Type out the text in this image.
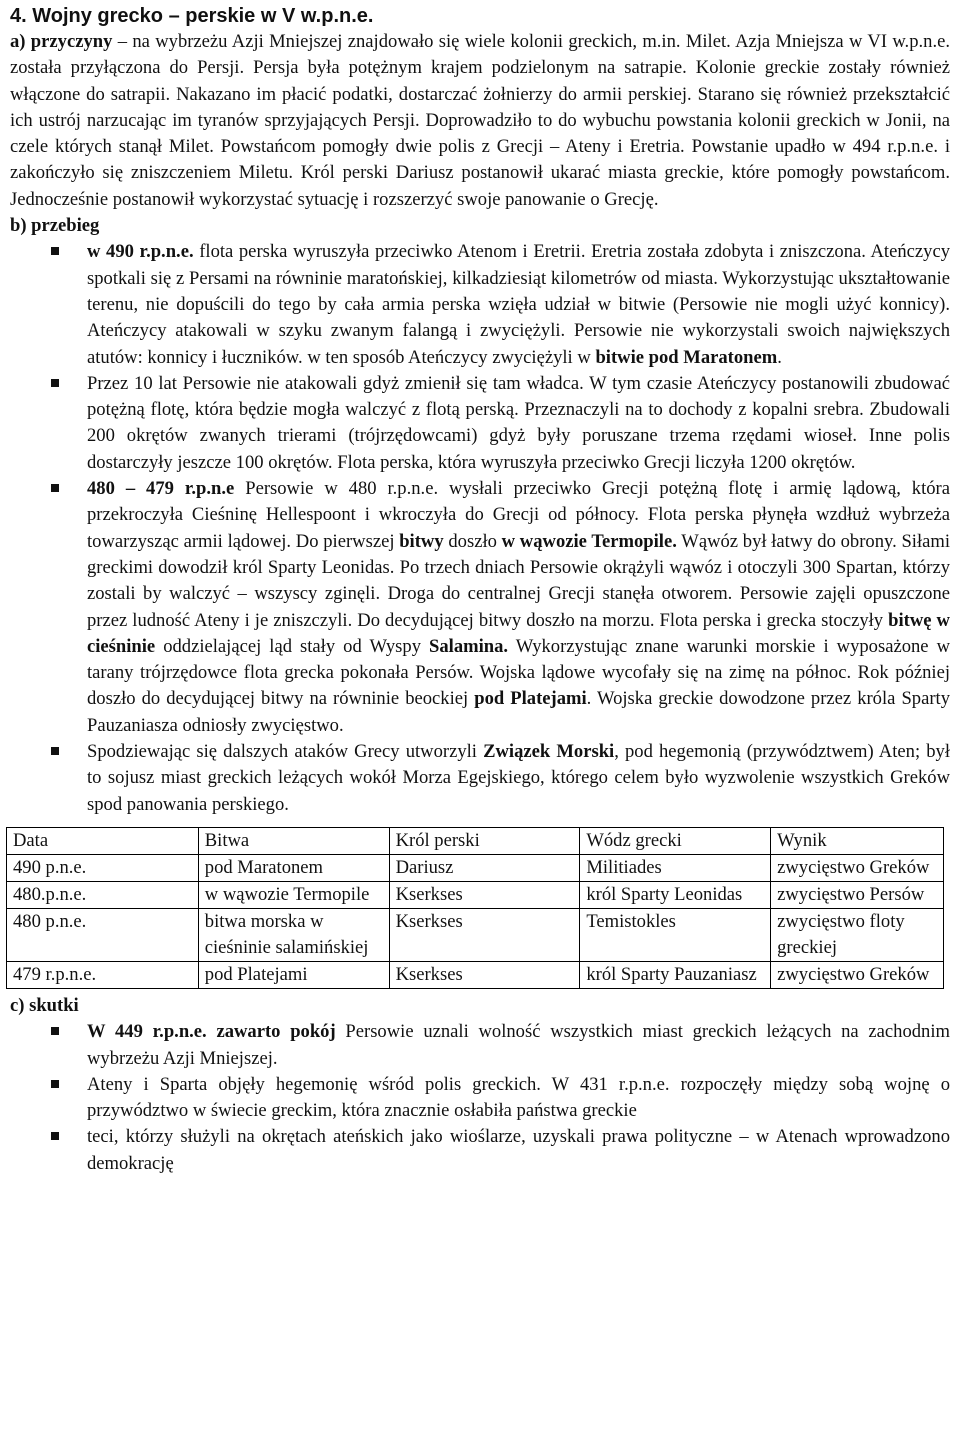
4. Wojny grecko – perskie w V w.p.n.e.

a) przyczyny – na wybrzeżu Azji Mniejszej znajdowało się wiele kolonii greckich, m.in. Milet. Azja Mniejsza w VI w.p.n.e. została przyłączona do Persji. Persja była potężnym krajem podzielonym na satrapie. Kolonie greckie zostały również włączone do satrapii. Nakazano im płacić podatki, dostarczać żołnierzy do armii perskiej. Starano się również przekształcić ich ustrój narzucając im tyranów sprzyjających Persji. Doprowadziło to do wybuchu powstania kolonii greckich w Jonii, na czele których stanął Milet. Powstańcom pomogły dwie polis z Grecji – Ateny i Eretria. Powstanie upadło w 494 r.p.n.e. i zakończyło się zniszczeniem Miletu. Król perski Dariusz postanowił ukarać miasta greckie, które pomogły powstańcom. Jednocześnie postanowił wykorzystać sytuację i rozszerzyć swoje panowanie o Grecję.

b) przebieg

w 490 r.p.n.e. flota perska wyruszyła przeciwko Atenom i Eretrii. Eretria została zdobyta i zniszczona. Ateńczycy spotkali się z Persami na równinie maratońskiej, kilkadziesiąt kilometrów od miasta. Wykorzystując ukształtowanie terenu, nie dopuścili do tego by cała armia perska wzięła udział w bitwie (Persowie nie mogli użyć konnicy). Ateńczycy atakowali w szyku zwanym falangą i zwyciężyli. Persowie nie wykorzystali swoich największych atutów: konnicy i łuczników. w ten sposób Ateńczycy zwyciężyli w bitwie pod Maratonem.

Przez 10 lat Persowie nie atakowali gdyż zmienił się tam władca. W tym czasie Ateńczycy postanowili zbudować potężną flotę, która będzie mogła walczyć z flotą perską. Przeznaczyli na to dochody z kopalni srebra. Zbudowali 200 okrętów zwanych trierami (trójrzędowcami) gdyż były poruszane trzema rzędami wioseł. Inne polis dostarczyły jeszcze 100 okrętów. Flota perska, która wyruszyła przeciwko Grecji liczyła 1200 okrętów.

480 – 479 r.p.n.e Persowie w 480 r.p.n.e. wysłali przeciwko Grecji potężną flotę i armię lądową, która przekroczyła Cieśninę Hellespoont i wkroczyła do Grecji od północy. Flota perska płynęła wzdłuż wybrzeża towarzysząc armii lądowej. Do pierwszej bitwy doszło w wąwozie Termopile. Wąwóz był łatwy do obrony. Siłami greckimi dowodził król Sparty Leonidas. Po trzech dniach Persowie okrążyli wąwóz i otoczyli 300 Spartan, którzy zostali by walczyć – wszyscy zginęli. Droga do centralnej Grecji stanęła otworem. Persowie zajęli opuszczone przez ludność Ateny i je zniszczyli. Do decydującej bitwy doszło na morzu. Flota perska i grecka stoczyły bitwę w cieśninie oddzielającej ląd stały od Wyspy Salamina. Wykorzystując znane warunki morskie i wyposażone w tarany trójrzędowce flota grecka pokonała Persów. Wojska lądowe wycofały się na zimę na północ. Rok później doszło do decydującej bitwy na równinie beockiej pod Platejami. Wojska greckie dowodzone przez króla Sparty Pauzaniasza odniosły zwycięstwo.

Spodziewając się dalszych ataków Grecy utworzyli Związek Morski, pod hegemonią (przywództwem) Aten; był to sojusz miast greckich leżących wokół Morza Egejskiego, którego celem było wyzwolenie wszystkich Greków spod panowania perskiego.

Data	Bitwa	Król perski	Wódz grecki	Wynik
490 p.n.e.	pod Maratonem	Dariusz	Militiades	zwycięstwo Greków
480.p.n.e.	w wąwozie Termopile	Kserkses	król Sparty Leonidas	zwycięstwo Persów
480 p.n.e.	bitwa morska w cieśninie salamińskiej	Kserkses	Temistokles	zwycięstwo floty greckiej
479 r.p.n.e.	pod Platejami	Kserkses	król Sparty Pauzaniasz	zwycięstwo Greków

c) skutki

W 449 r.p.n.e. zawarto pokój Persowie uznali wolność wszystkich miast greckich leżących na zachodnim wybrzeżu Azji Mniejszej.

Ateny i Sparta objęły hegemonię wśród polis greckich. W 431 r.p.n.e. rozpoczęły między sobą wojnę o przywództwo w świecie greckim, która znacznie osłabiła państwa greckie

teci, którzy służyli na okrętach ateńskich jako wioślarze, uzyskali prawa polityczne – w Atenach wprowadzono demokrację
